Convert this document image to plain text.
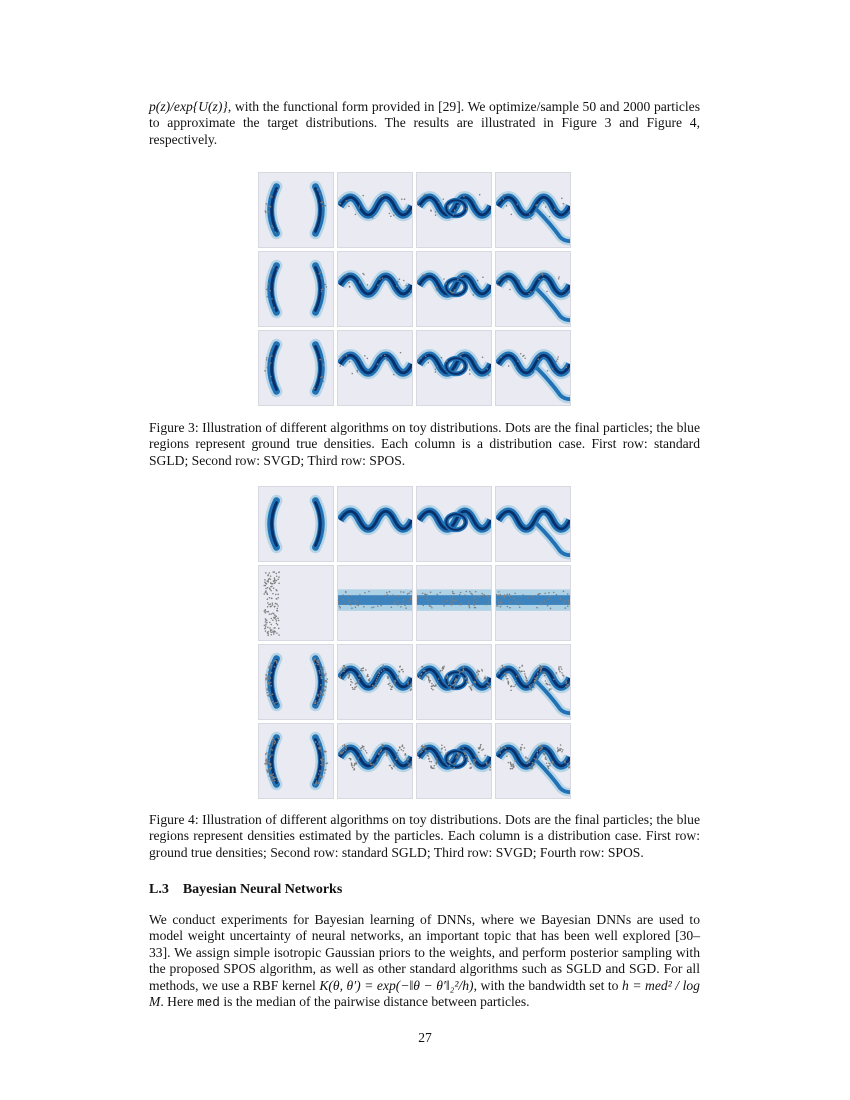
p(z)/exp{U(z)}, with the functional form provided in [29]. We optimize/sample 50 and 2000 particles to approximate the target distributions. The results are illustrated in Figure 3 and Figure 4, respectively.

Figure 3: Illustration of different algorithms on toy distributions. Dots are the final particles; the blue regions represent ground true densities. Each column is a distribution case. First row: standard SGLD; Second row: SVGD; Third row: SPOS.

Figure 4: Illustration of different algorithms on toy distributions. Dots are the final particles; the blue regions represent densities estimated by the particles. Each column is a distribution case. First row: ground true densities; Second row: standard SGLD; Third row: SVGD; Fourth row: SPOS.

L.3 Bayesian Neural Networks

We conduct experiments for Bayesian learning of DNNs, where we Bayesian DNNs are used to model weight uncertainty of neural networks, an important topic that has been well explored [30–33]. We assign simple isotropic Gaussian priors to the weights, and perform posterior sampling with the proposed SPOS algorithm, as well as other standard algorithms such as SGLD and SGD. For all methods, we use a RBF kernel K(θ, θ′) = exp(−‖θ − θ′‖₂²/h), with the bandwidth set to h = med² / log M. Here med is the median of the pairwise distance between particles.

27
